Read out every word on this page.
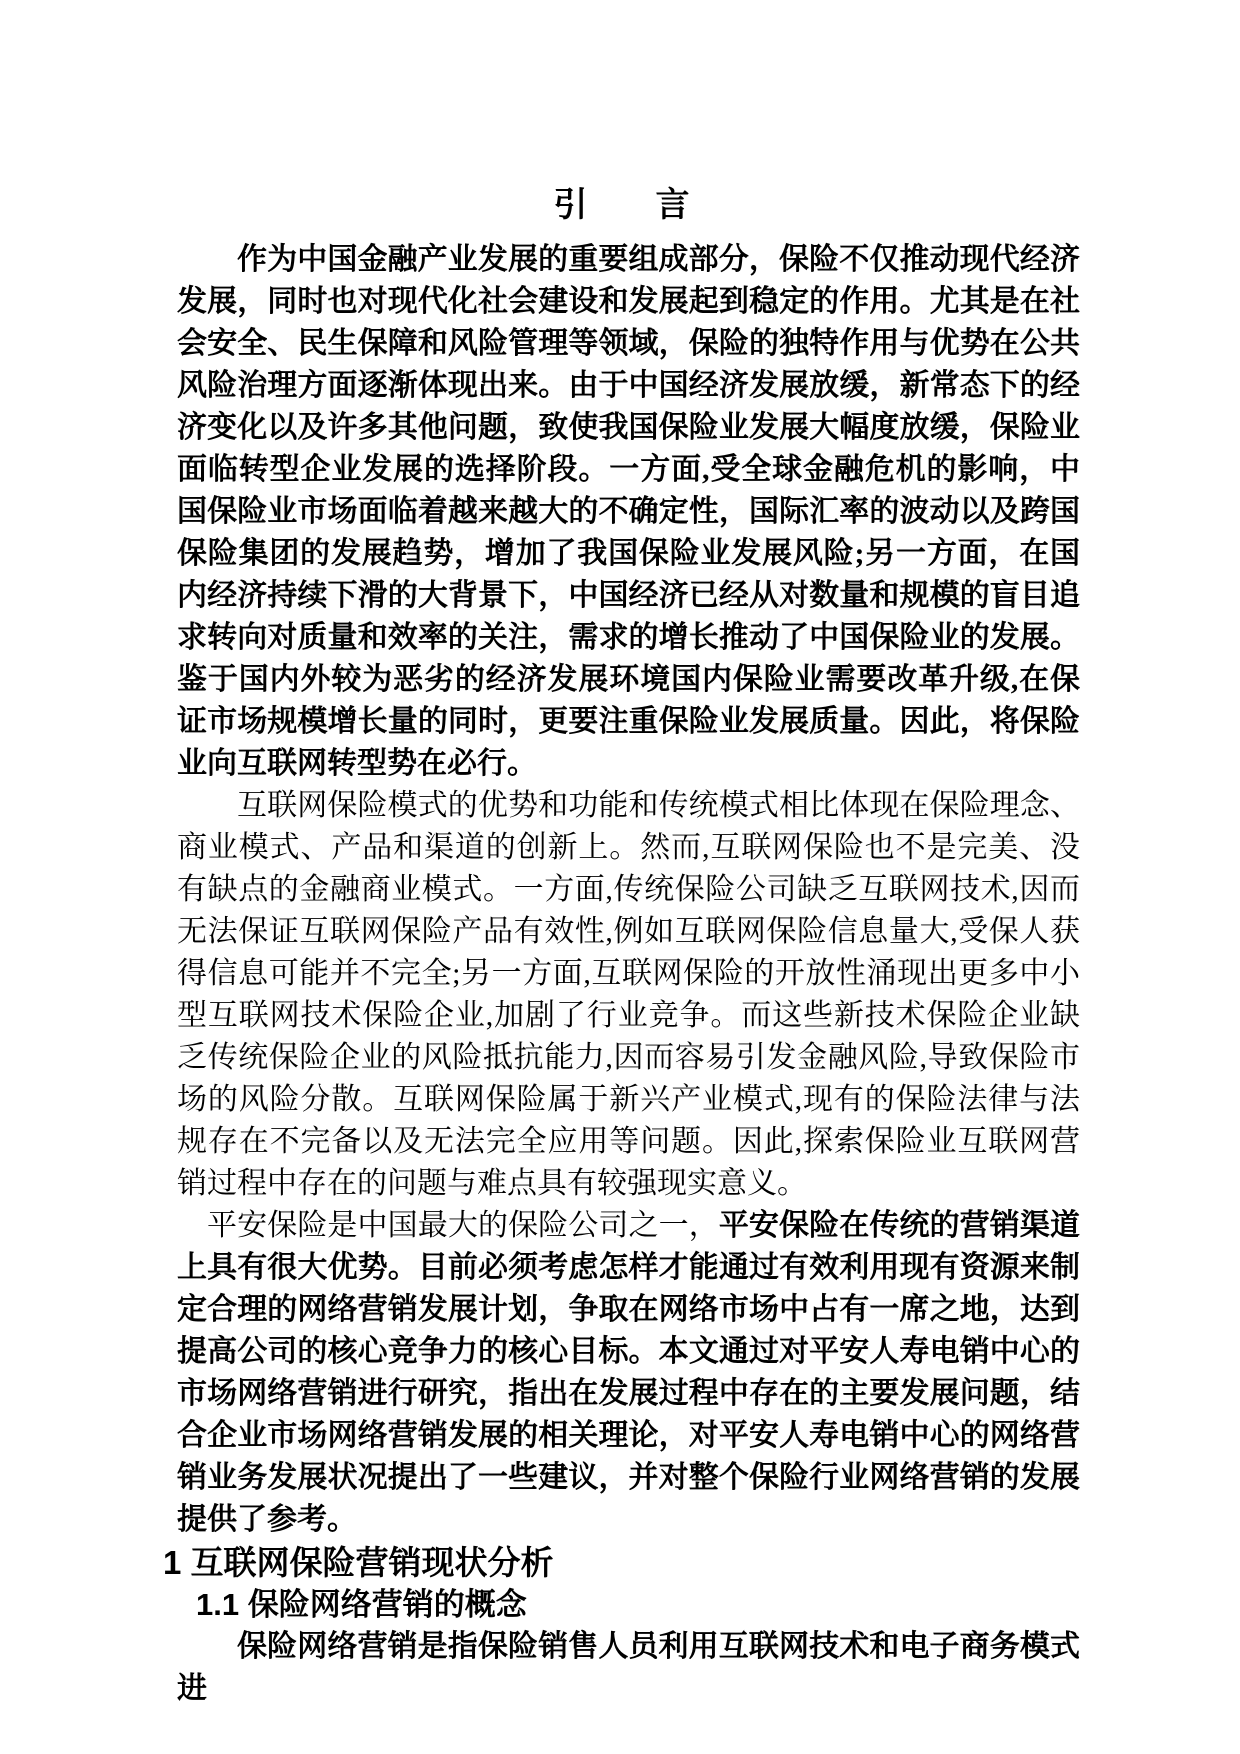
引　　言

作为中国金融产业发展的重要组成部分，保险不仅推动现代经济发展，同时也对现代化社会建设和发展起到稳定的作用。尤其是在社会安全、民生保障和风险管理等领域，保险的独特作用与优势在公共风险治理方面逐渐体现出来。由于中国经济发展放缓，新常态下的经济变化以及许多其他问题，致使我国保险业发展大幅度放缓，保险业面临转型企业发展的选择阶段。一方面,受全球金融危机的影响，中国保险业市场面临着越来越大的不确定性，国际汇率的波动以及跨国保险集团的发展趋势，增加了我国保险业发展风险;另一方面，在国内经济持续下滑的大背景下，中国经济已经从对数量和规模的盲目追求转向对质量和效率的关注，需求的增长推动了中国保险业的发展。鉴于国内外较为恶劣的经济发展环境国内保险业需要改革升级,在保证市场规模增长量的同时，更要注重保险业发展质量。因此，将保险业向互联网转型势在必行。

互联网保险模式的优势和功能和传统模式相比体现在保险理念、商业模式、产品和渠道的创新上。然而,互联网保险也不是完美、没有缺点的金融商业模式。一方面,传统保险公司缺乏互联网技术,因而无法保证互联网保险产品有效性,例如互联网保险信息量大,受保人获得信息可能并不完全;另一方面,互联网保险的开放性涌现出更多中小型互联网技术保险企业,加剧了行业竞争。而这些新技术保险企业缺乏传统保险企业的风险抵抗能力,因而容易引发金融风险,导致保险市场的风险分散。互联网保险属于新兴产业模式,现有的保险法律与法规存在不完备以及无法完全应用等问题。因此,探索保险业互联网营销过程中存在的问题与难点具有较强现实意义。

平安保险是中国最大的保险公司之一，平安保险在传统的营销渠道上具有很大优势。目前必须考虑怎样才能通过有效利用现有资源来制定合理的网络营销发展计划，争取在网络市场中占有一席之地，达到提高公司的核心竞争力的核心目标。本文通过对平安人寿电销中心的市场网络营销进行研究，指出在发展过程中存在的主要发展问题，结合企业市场网络营销发展的相关理论，对平安人寿电销中心的网络营销业务发展状况提出了一些建议，并对整个保险行业网络营销的发展提供了参考。

1 互联网保险营销现状分析
1.1 保险网络营销的概念

保险网络营销是指保险销售人员利用互联网技术和电子商务模式进
